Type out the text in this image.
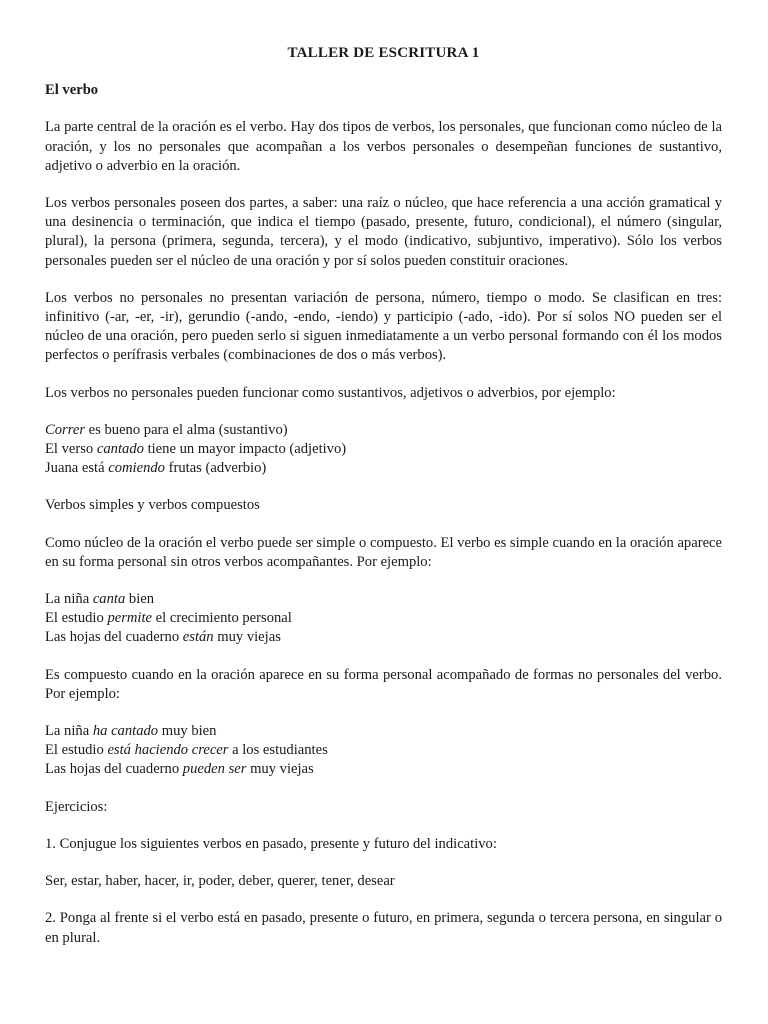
TALLER DE ESCRITURA 1
El verbo

La parte central de la oración es el verbo. Hay dos tipos de verbos, los personales, que funcionan como núcleo de la oración, y los no personales que acompañan a los verbos personales o desempeñan funciones de sustantivo, adjetivo o adverbio en la oración.

Los verbos personales poseen dos partes, a saber: una raíz o núcleo, que hace referencia a una acción gramatical y una desinencia o terminación, que indica el tiempo (pasado, presente, futuro, condicional), el número (singular, plural), la persona (primera, segunda, tercera), y el modo (indicativo, subjuntivo, imperativo). Sólo los verbos personales pueden ser el núcleo de una oración y por sí solos pueden constituir oraciones.

Los verbos no personales no presentan variación de persona, número, tiempo o modo. Se clasifican en tres: infinitivo (-ar, -er, -ir), gerundio (-ando, -endo, -iendo) y participio (-ado, -ido). Por sí solos NO pueden ser el núcleo de una oración, pero pueden serlo si siguen inmediatamente a un verbo personal formando con él los modos perfectos o perífrasis verbales (combinaciones de dos o más verbos).

Los verbos no personales pueden funcionar como sustantivos, adjetivos o adverbios, por ejemplo:

Correr es bueno para el alma (sustantivo)
El verso cantado tiene un mayor impacto (adjetivo)
Juana está comiendo frutas (adverbio)

Verbos simples y verbos compuestos

Como núcleo de la oración el verbo puede ser simple o compuesto. El verbo es simple cuando en la oración aparece en su forma personal sin otros verbos acompañantes. Por ejemplo:

La niña canta bien
El estudio permite el crecimiento personal
Las hojas del cuaderno están muy viejas

Es compuesto cuando en la oración aparece en su forma personal acompañado de formas no personales del verbo. Por ejemplo:

La niña ha cantado muy bien
El estudio está haciendo crecer a los estudiantes
Las hojas del cuaderno pueden ser muy viejas

Ejercicios:

1. Conjugue los siguientes verbos en pasado, presente y futuro del indicativo:

Ser, estar, haber, hacer, ir, poder, deber, querer, tener, desear

2. Ponga al frente si el verbo está en pasado, presente o futuro, en primera, segunda o tercera persona, en singular o en plural.
